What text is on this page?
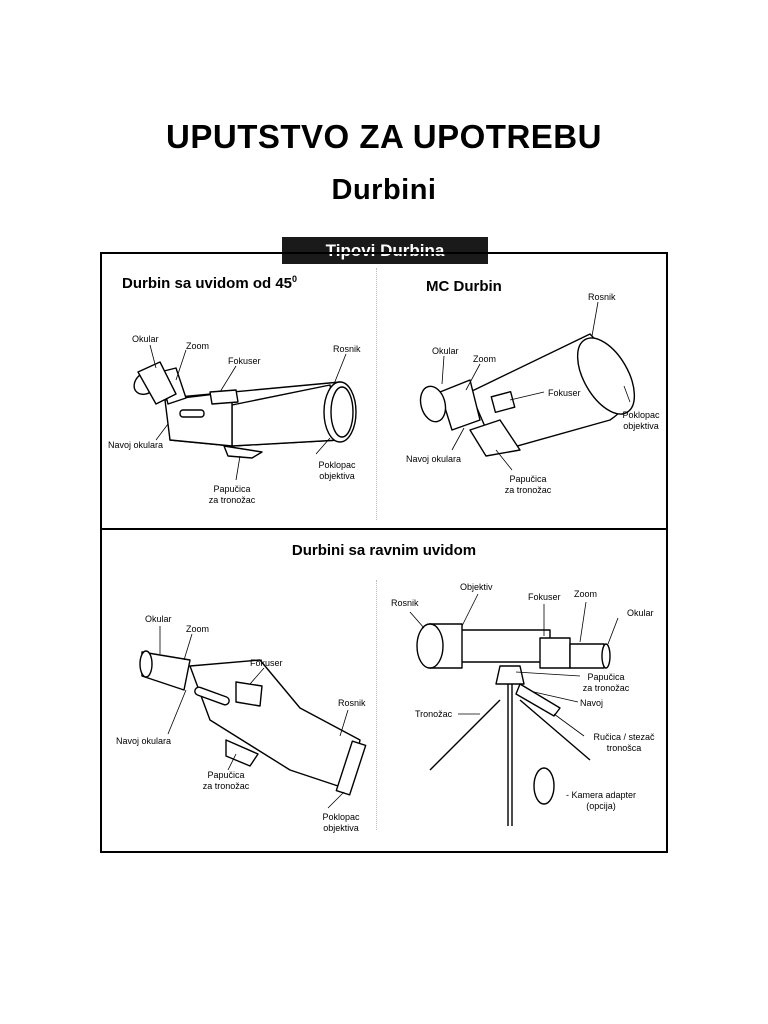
UPUTSTVO ZA UPOTREBU
Durbini
Tipovi Durbina
Durbin sa uvidom od $45^0$
Okular
Zoom
Fokuser
Rosnik
Navoj okulara
Poklopac
objektiva
Papučica
za tronožac
MC Durbin
Rosnik
Okular
Zoom
Fokuser
Poklopac
objektiva
Navoj okulara
Papučica
za tronožac
Durbini sa ravnim uvidom
Okular
Zoom
Fokuser
Rosnik
Navoj okulara
Papučica
za tronožac
Poklopac
objektiva
Objektiv
Rosnik
Fokuser Zoom
Okular
Papučica
za tronožac
Navoj
Tronožac
Ručica / stezač
tronošca
- Kamera adapter
(opcija)
